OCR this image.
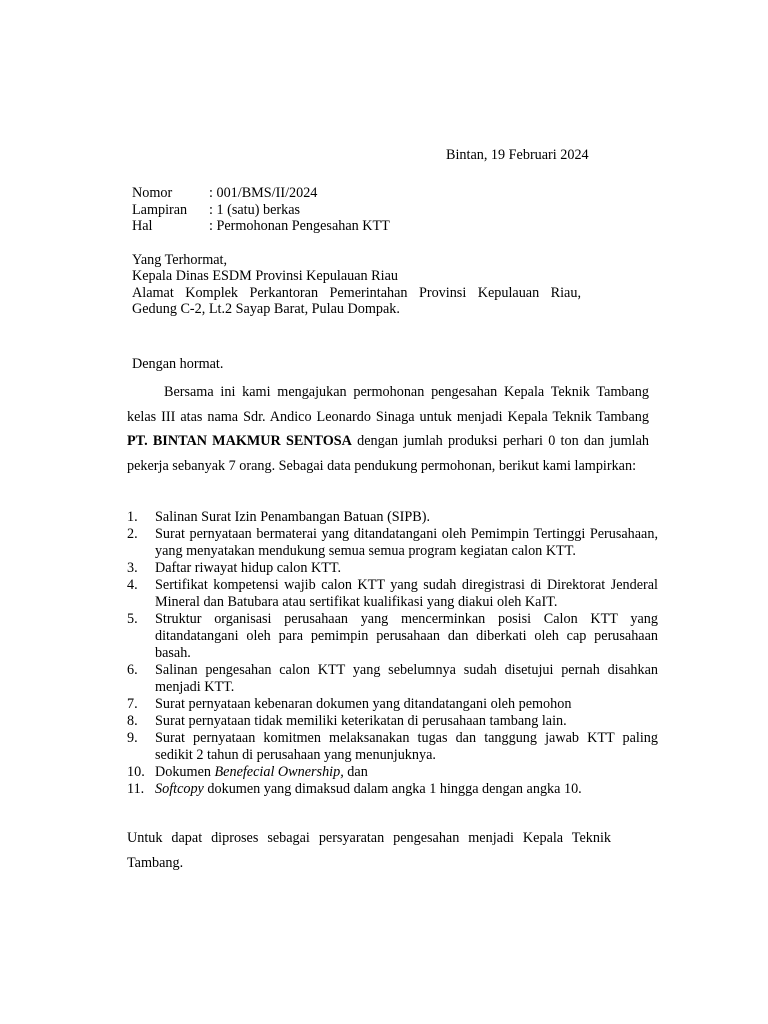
Bintan, 19 Februari 2024
Nomor	: 001/BMS/II/2024
Lampiran : 1 (satu) berkas
Hal	: Permohonan Pengesahan KTT
Yang Terhormat,
Kepala Dinas ESDM Provinsi Kepulauan Riau
Alamat Komplek Perkantoran Pemerintahan Provinsi Kepulauan Riau,
Gedung C-2, Lt.2 Sayap Barat, Pulau Dompak.
Dengan hormat.
Bersama ini kami mengajukan permohonan pengesahan Kepala Teknik Tambang kelas III atas nama Sdr. Andico Leonardo Sinaga untuk menjadi Kepala Teknik Tambang PT. BINTAN MAKMUR SENTOSA dengan jumlah produksi perhari 0 ton dan jumlah pekerja sebanyak 7 orang. Sebagai data pendukung permohonan, berikut kami lampirkan:
1. Salinan Surat Izin Penambangan Batuan (SIPB).
2. Surat pernyataan bermaterai yang ditandatangani oleh Pemimpin Tertinggi Perusahaan, yang menyatakan mendukung semua semua program kegiatan calon KTT.
3. Daftar riwayat hidup calon KTT.
4. Sertifikat kompetensi wajib calon KTT yang sudah diregistrasi di Direktorat Jenderal Mineral dan Batubara atau sertifikat kualifikasi yang diakui oleh KaIT.
5. Struktur organisasi perusahaan yang mencerminkan posisi Calon KTT yang ditandatangani oleh para pemimpin perusahaan dan diberkati oleh cap perusahaan basah.
6. Salinan pengesahan calon KTT yang sebelumnya sudah disetujui pernah disahkan menjadi KTT.
7. Surat pernyataan kebenaran dokumen yang ditandatangani oleh pemohon
8. Surat pernyataan tidak memiliki keterikatan di perusahaan tambang lain.
9. Surat pernyataan komitmen melaksanakan tugas dan tanggung jawab KTT paling sedikit 2 tahun di perusahaan yang menunjuknya.
10. Dokumen Benefecial Ownership, dan
11. Softcopy dokumen yang dimaksud dalam angka 1 hingga dengan angka 10.
Untuk dapat diproses sebagai persyaratan pengesahan menjadi Kepala Teknik Tambang.
